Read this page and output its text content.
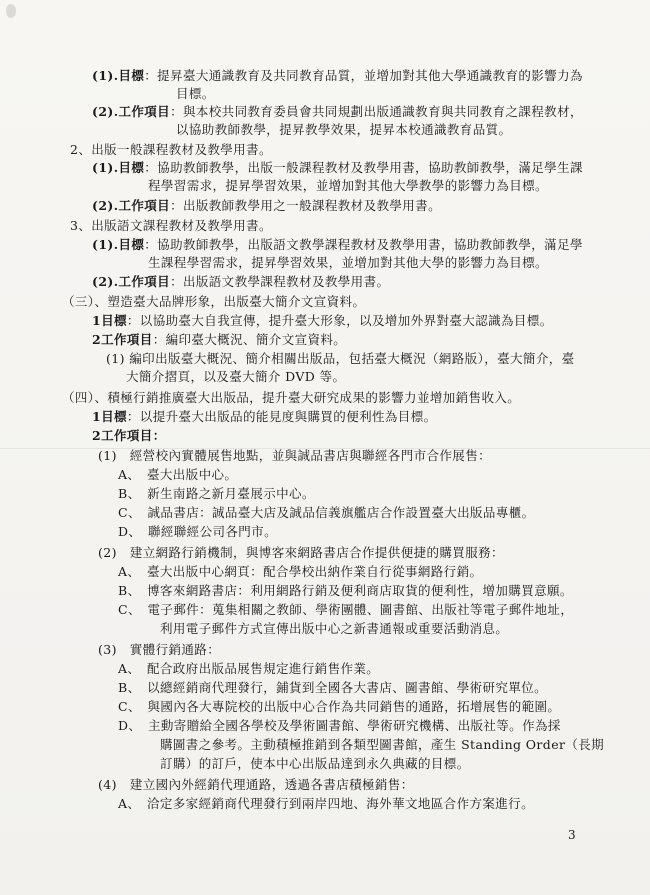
(1).目標：提昇臺大通識教育及共同教育品質，並增加對其他大學通識教育的影響力為
目標。
(2).工作項目：與本校共同教育委員會共同規劃出版通識教育與共同教育之課程教材，
以協助教師教學，提昇教學效果，提昇本校通識教育品質。
2、出版一般課程教材及教學用書。
(1).目標：協助教師教學，出版一般課程教材及教學用書，協助教師教學，滿足學生課
程學習需求，提昇學習效果，並增加對其他大學教學的影響力為目標。
(2).工作項目：出版教師教學用之一般課程教材及教學用書。
3、出版語文課程教材及教學用書。
(1).目標：協助教師教學，出版語文教學課程教材及教學用書，協助教師教學，滿足學
生課程學習需求，提昇學習效果，並增加對其他大學的影響力為目標。
(2).工作項目：出版語文教學課程教材及教學用書。
（三）、塑造臺大品牌形象，出版臺大簡介文宣資料。
1目標：以協助臺大自我宣傳，提升臺大形象，以及增加外界對臺大認識為目標。
2工作項目：編印臺大概況、簡介文宣資料。
(1) 編印出版臺大概況、簡介相關出版品，包括臺大概況（網路版），臺大簡介，臺
大簡介摺頁，以及臺大簡介 DVD 等。
（四）、積極行銷推廣臺大出版品，提升臺大研究成果的影響力並增加銷售收入。
1目標：以提升臺大出版品的能見度與購買的便利性為目標。
2工作項目：
(1)　經營校內實體展售地點，並與誠品書店與聯經各門市合作展售：
A、　臺大出版中心。
B、　新生南路之新月臺展示中心。
C、　誠品書店：誠品臺大店及誠品信義旗艦店合作設置臺大出版品專櫃。
D、　聯經聯經公司各門市。
(2)　建立網路行銷機制，與博客來網路書店合作提供便捷的購買服務：
A、　臺大出版中心網頁：配合學校出納作業自行從事網路行銷。
B、　博客來網路書店：利用網路行銷及便利商店取貨的便利性，增加購買意願。
C、　電子郵件：蒐集相關之教師、學術團體、圖書館、出版社等電子郵件地址，
利用電子郵件方式宣傳出版中心之新書通報或重要活動消息。
(3)　實體行銷通路：
A、　配合政府出版品展售規定進行銷售作業。
B、　以總經銷商代理發行，鋪貨到全國各大書店、圖書館、學術研究單位。
C、　與國內各大專院校的出版中心合作為共同銷售的通路，拓增展售的範圍。
D、　主動寄贈給全國各學校及學術圖書館、學術研究機構、出版社等。作為採
購圖書之參考。主動積極推銷到各類型圖書館，產生 Standing Order（長期
訂購）的訂戶，使本中心出版品達到永久典藏的目標。
(4)　建立國內外經銷代理通路，透過各書店積極銷售：
A、　洽定多家經銷商代理發行到兩岸四地、海外華文地區合作方案進行。
3
